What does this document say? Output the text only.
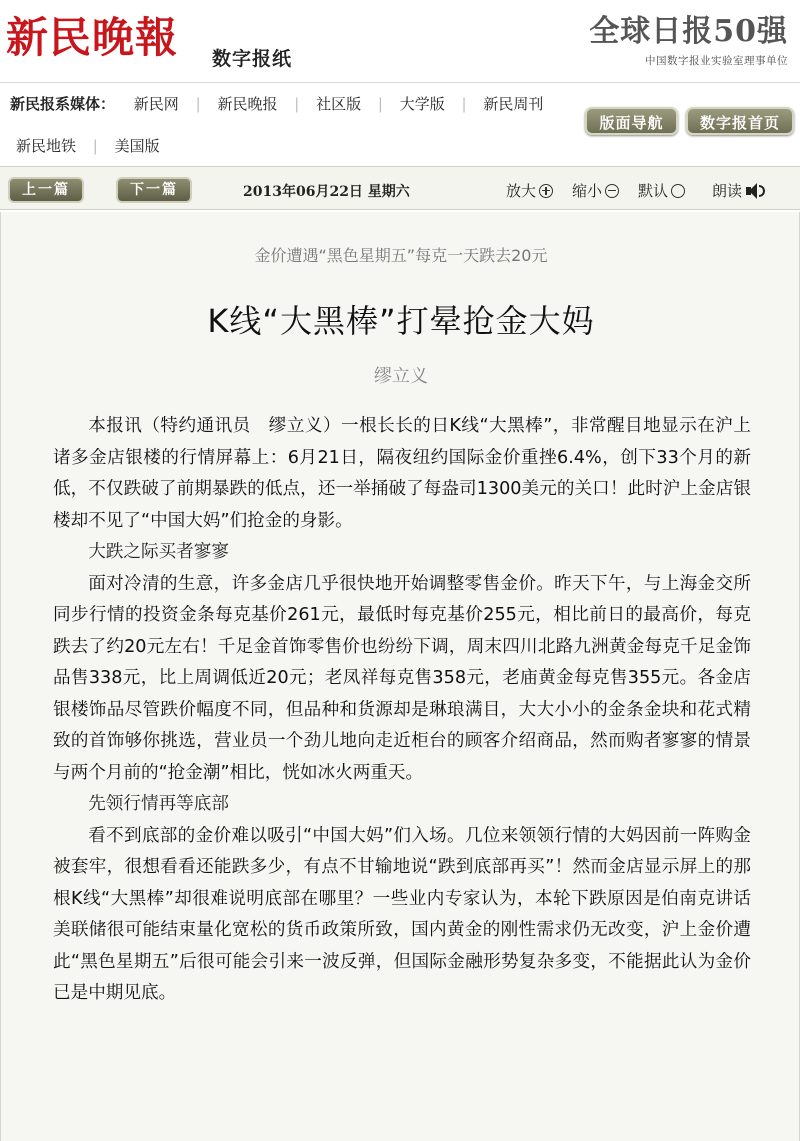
新民晚報 数字报纸
全球日报50强
中国数字报业实验室理事单位
新民报系媒体： 新民网 | 新民晚报 | 社区版 | 大学版 | 新民周刊
新民地铁 | 美国版
版面导航	数字报首页
上一篇	下一篇	2013年06月22日 星期六	放大 缩小 默认	朗读
金价遭遇“黑色星期五”每克一天跌去20元
K线“大黑棒”打晕抢金大妈
缪立义

本报讯（特约通讯员　缪立义）一根长长的日K线“大黑棒”，非常醒目地显示在沪上诸多金店银楼的行情屏幕上：6月21日，隔夜纽约国际金价重挫6.4%，创下33个月的新低，不仅跌破了前期暴跌的低点，还一举捅破了每盎司1300美元的关口！此时沪上金店银楼却不见了“中国大妈”们抢金的身影。

大跌之际买者寥寥

面对冷清的生意，许多金店几乎很快地开始调整零售金价。昨天下午，与上海金交所同步行情的投资金条每克基价261元，最低时每克基价255元，相比前日的最高价，每克跌去了约20元左右！千足金首饰零售价也纷纷下调，周末四川北路九洲黄金每克千足金饰品售338元，比上周调低近20元；老凤祥每克售358元，老庙黄金每克售355元。各金店银楼饰品尽管跌价幅度不同，但品种和货源却是琳琅满目，大大小小的金条金块和花式精致的首饰够你挑选，营业员一个劲儿地向走近柜台的顾客介绍商品，然而购者寥寥的情景与两个月前的“抢金潮”相比，恍如冰火两重天。

先领行情再等底部

看不到底部的金价难以吸引“中国大妈”们入场。几位来领领行情的大妈因前一阵购金被套牢，很想看看还能跌多少，有点不甘输地说“跌到底部再买”！然而金店显示屏上的那根K线“大黑棒”却很难说明底部在哪里？一些业内专家认为，本轮下跌原因是伯南克讲话美联储很可能结束量化宽松的货币政策所致，国内黄金的刚性需求仍无改变，沪上金价遭此“黑色星期五”后很可能会引来一波反弹，但国际金融形势复杂多变，不能据此认为金价已是中期见底。
